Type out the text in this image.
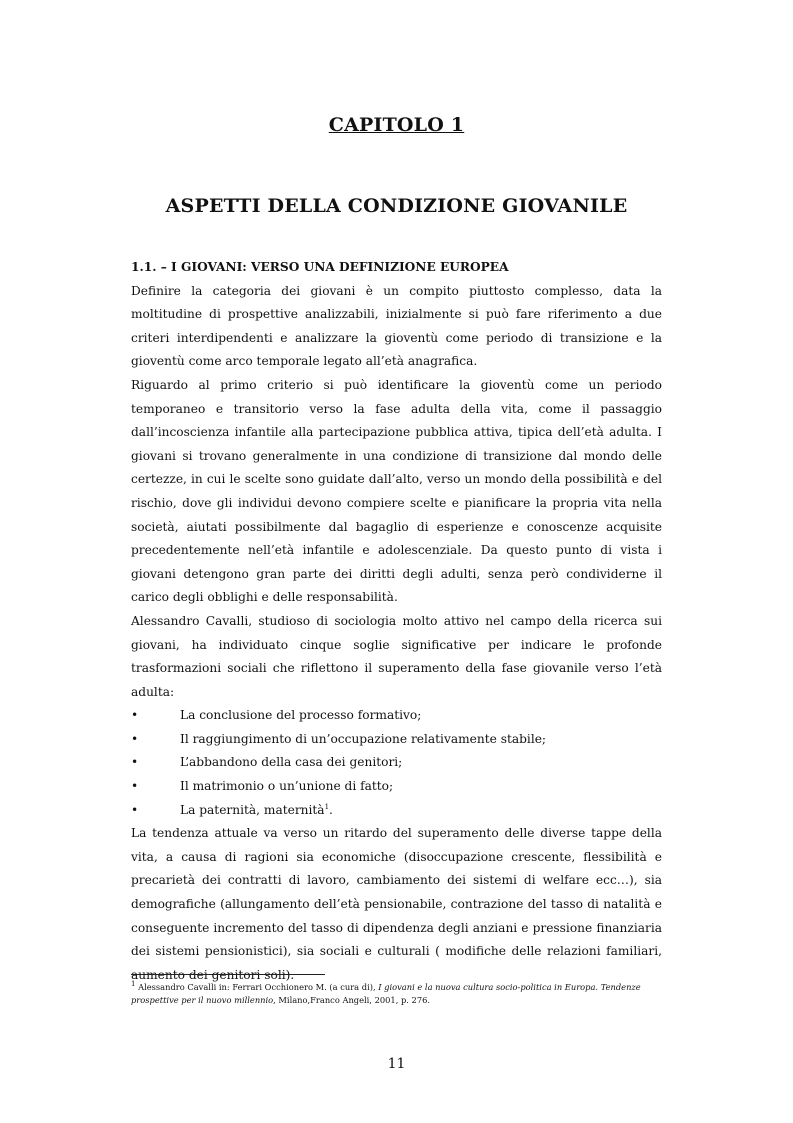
CAPITOLO 1
ASPETTI DELLA CONDIZIONE GIOVANILE

1.1. – I GIOVANI: VERSO UNA DEFINIZIONE EUROPEA

Definire la categoria dei giovani è un compito piuttosto complesso, data la moltitudine di prospettive analizzabili, inizialmente si può fare riferimento a due criteri interdipendenti e analizzare la gioventù come periodo di transizione e la gioventù come arco temporale legato all’età anagrafica.

Riguardo al primo criterio si può identificare la gioventù come un periodo temporaneo e transitorio verso la fase adulta della vita, come il passaggio dall’incoscienza infantile alla partecipazione pubblica attiva, tipica dell’età adulta. I giovani si trovano generalmente in una condizione di transizione dal mondo delle certezze, in cui le scelte sono guidate dall’alto, verso un mondo della possibilità e del rischio, dove gli individui devono compiere scelte e pianificare la propria vita nella società, aiutati possibilmente dal bagaglio di esperienze e conoscenze acquisite precedentemente nell’età infantile e adolescenziale. Da questo punto di vista i giovani detengono gran parte dei diritti degli adulti, senza però condividerne il carico degli obblighi e delle responsabilità.

Alessandro Cavalli, studioso di sociologia molto attivo nel campo della ricerca sui giovani, ha individuato cinque soglie significative per indicare le profonde trasformazioni sociali che riflettono il superamento della fase giovanile verso l’età adulta:

•	La conclusione del processo formativo;
•	Il raggiungimento di un’occupazione relativamente stabile;
•	L’abbandono della casa dei genitori;
•	Il matrimonio o un’unione di fatto;
•	La paternità, maternità$^1$.

La tendenza attuale va verso un ritardo del superamento delle diverse tappe della vita, a causa di ragioni sia economiche (disoccupazione crescente, flessibilità e precarietà dei contratti di lavoro, cambiamento dei sistemi di welfare ecc…), sia demografiche (allungamento dell’età pensionabile, contrazione del tasso di natalità e conseguente incremento del tasso di dipendenza degli anziani e pressione finanziaria dei sistemi pensionistici), sia sociali e culturali ( modifiche delle relazioni familiari, aumento dei genitori soli).

$^1$ Alessandro Cavalli in: Ferrari Occhionero M. (a cura di), I giovani e la nuova cultura socio-politica in Europa. Tendenze prospettive per il nuovo millennio, Milano,Franco Angeli, 2001, p. 276.
11
